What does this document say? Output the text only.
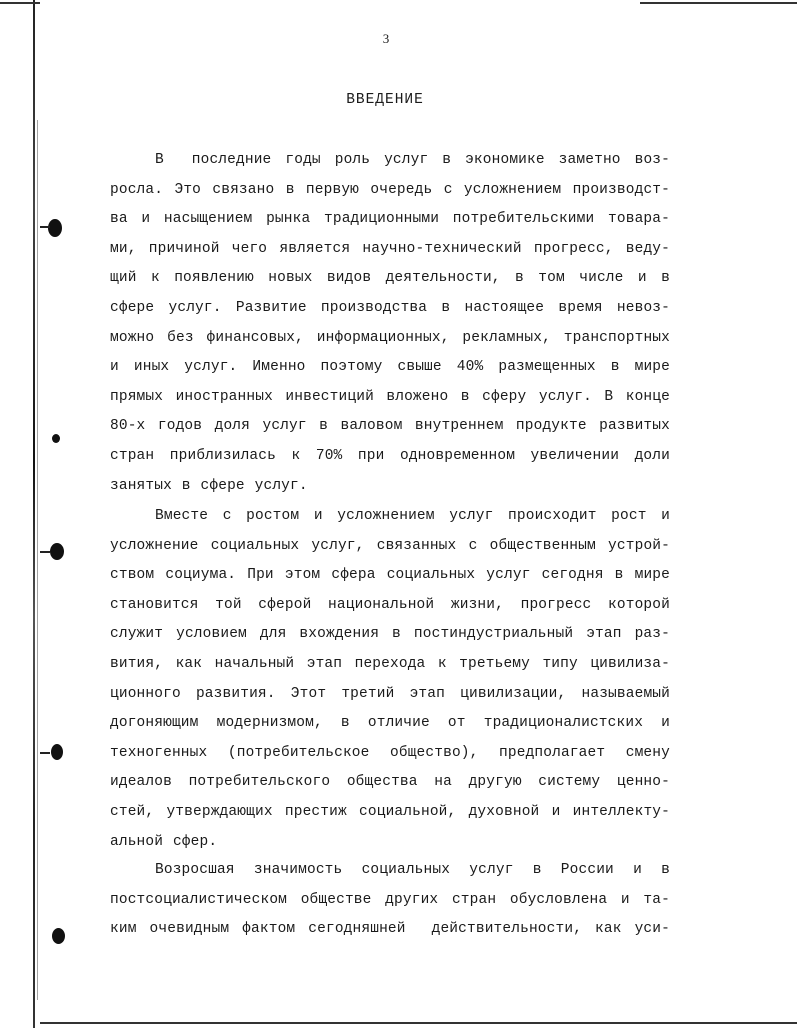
3
ВВЕДЕНИЕ
В  последние годы роль услуг в экономике заметно воз-
росла. Это связано в первую очередь с усложнением производст-
ва и насыщением рынка традиционными потребительскими товара-
ми, причиной чего является научно-технический прогресс, веду-
щий к появлению новых видов деятельности, в том числе и в
сфере услуг. Развитие производства в настоящее время невоз-
можно без финансовых, информационных, рекламных, транспортных
и иных услуг. Именно поэтому свыше 40% размещенных в мире
прямых иностранных инвестиций вложено в сферу услуг. В конце
80-х годов доля услуг в валовом внутреннем продукте развитых
стран приблизилась к 70% при одновременном увеличении доли
занятых в сфере услуг.
Вместе с ростом и усложнением услуг происходит рост и
усложнение социальных услуг, связанных с общественным устрой-
ством социума. При этом сфера социальных услуг сегодня в мире
становится той сферой национальной жизни, прогресс которой
служит условием для вхождения в постиндустриальный этап раз-
вития, как начальный этап перехода к третьему типу цивилиза-
ционного развития. Этот третий этап цивилизации, называемый
догоняющим модернизмом, в отличие от традиционалистских и
техногенных (потребительское общество), предполагает смену
идеалов потребительского общества на другую систему ценно-
стей, утверждающих престиж социальной, духовной и интеллекту-
альной сфер.
Возросшая значимость социальных услуг в России и в
постсоциалистическом обществе других стран обусловлена и та-
ким очевидным фактом сегодняшней  действительности, как уси-
